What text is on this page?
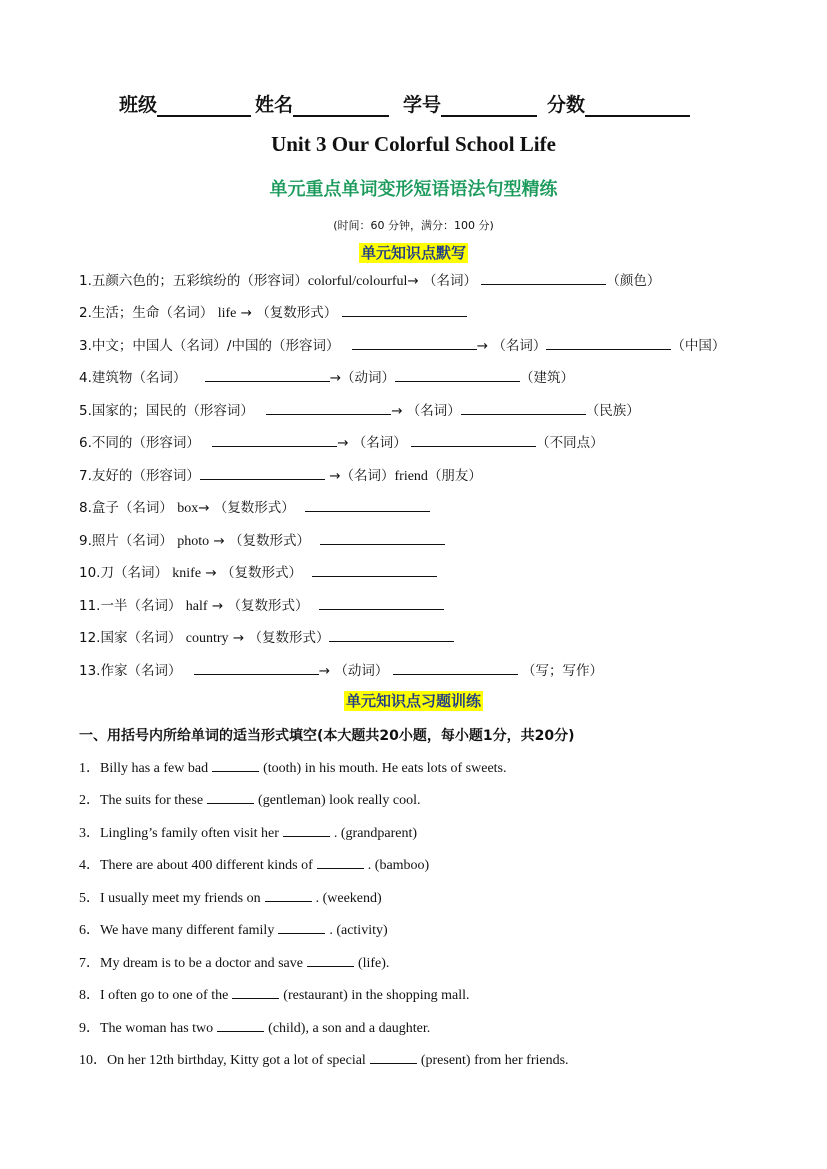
班级	姓名	学号	分数
Unit 3 Our Colorful School Life
单元重点单词变形短语语法句型精练
(时间：60 分钟，满分：100 分)
单元知识点默写
1.五颜六色的；五彩缤纷的（形容词）colorful/colourful→ （名词）	（颜色）
2.生活；生命（名词） life → （复数形式）
3.中文；中国人（名词）/中国的（形容词）	→ （名词）	（中国）
4.建筑物（名词）	→（动词）	（建筑）
5.国家的；国民的（形容词）	→ （名词）	（民族）
6.不同的（形容词）	→ （名词）	（不同点）
7.友好的（形容词）	→（名词）friend（朋友）
8.盒子（名词） box→ （复数形式）
9.照片（名词） photo → （复数形式）
10.刀（名词） knife → （复数形式）
11.一半（名词） half → （复数形式）
12.国家（名词） country → （复数形式）
13.作家（名词）	→ （动词）	（写；写作）
单元知识点习题训练
一、用括号内所给单词的适当形式填空(本大题共20小题，每小题1分，共20分)
1．Billy has a few bad	(tooth) in his mouth. He eats lots of sweets.
2．The suits for these	(gentleman) look really cool.
3．Lingling’s family often visit her	. (grandparent)
4．There are about 400 different kinds of	. (bamboo)
5．I usually meet my friends on	. (weekend)
6．We have many different family	. (activity)
7．My dream is to be a doctor and save	(life).
8．I often go to one of the	(restaurant) in the shopping mall.
9．The woman has two	(child), a son and a daughter.
10．On her 12th birthday, Kitty got a lot of special	(present) from her friends.
